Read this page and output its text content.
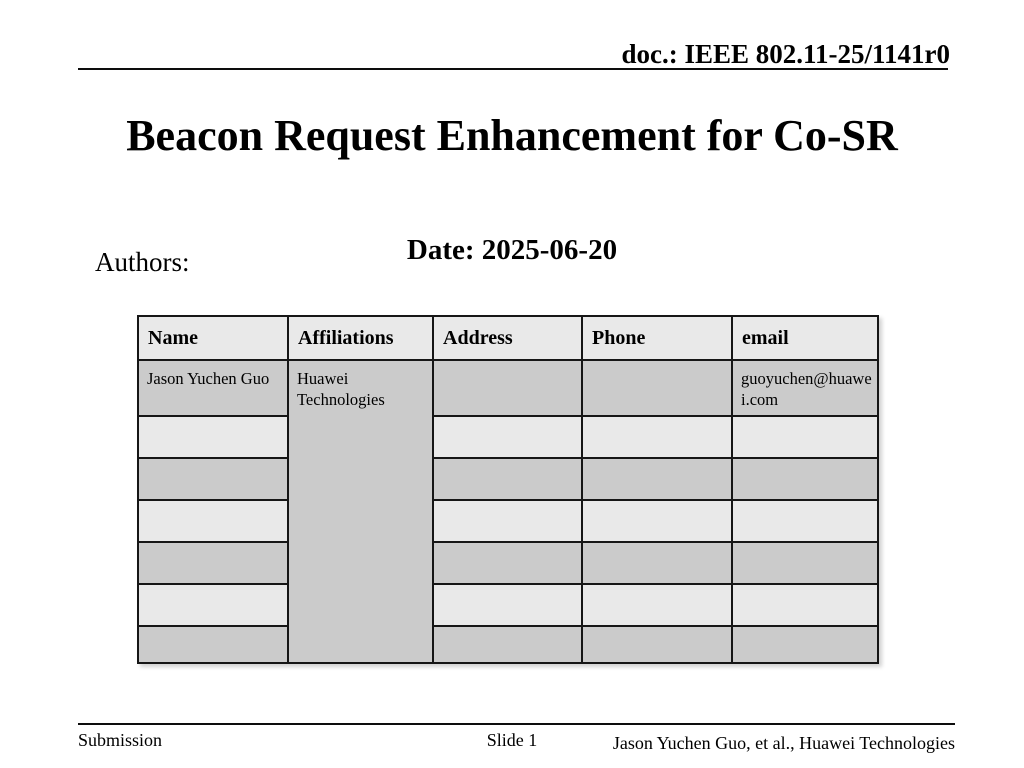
doc.: IEEE 802.11-25/1141r0
Beacon Request Enhancement for Co-SR
Authors:	Date: 2025-06-20
Name	Affiliations	Address	Phone	email
Jason Yuchen Guo	Huawei Technologies			guoyuchen@huawei.com

Submission	Slide 1	Jason Yuchen Guo, et al., Huawei Technologies
